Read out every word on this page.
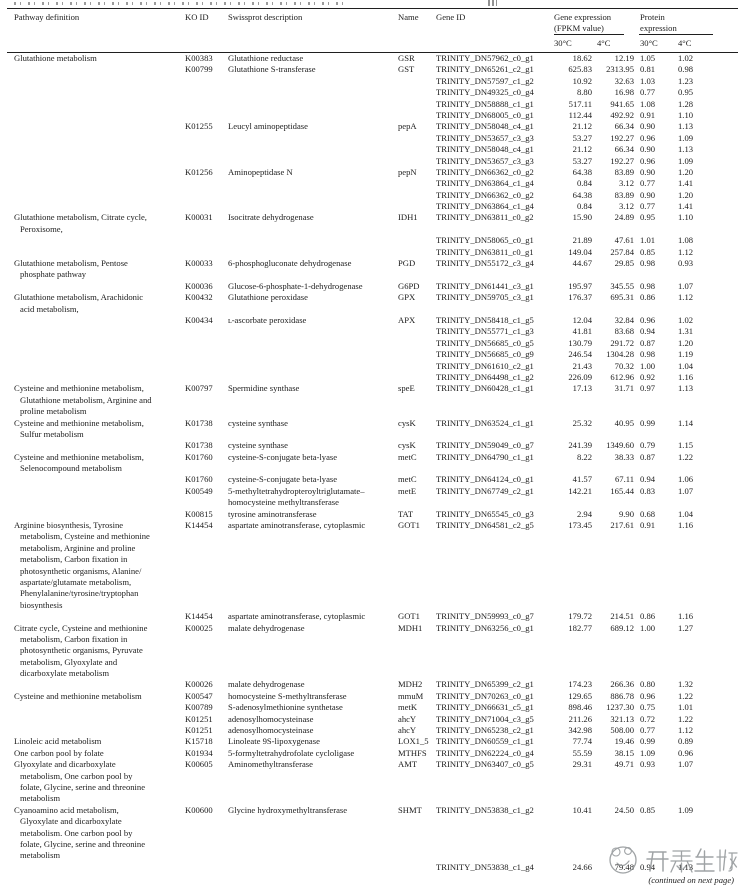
Pathway definition	KO ID	Swissprot description	Name	Gene ID	Gene expression
(FPKM value)
Protein
expression
30°C	4°C	30°C	4°C
Glutathione metabolism	K00383	Glutathione reductase	GSR	TRINITY_DN57962_c0_g1	18.62	12.19 1.05	1.02
K00799	Glutathione S-transferase	GST	TRINITY_DN65261_c2_g1	625.83	2313.95 0.81	0.98
TRINITY_DN57597_c1_g2	10.92	32.63 1.03	1.23
TRINITY_DN49325_c0_g4	8.80	16.98 0.77	0.95
TRINITY_DN58888_c1_g1	517.11	941.65 1.08	1.28
TRINITY_DN68005_c0_g1	112.44	492.92 0.91	1.10
K01255	Leucyl aminopeptidase	pepA	TRINITY_DN58048_c4_g1	21.12	66.34 0.90	1.13
TRINITY_DN53657_c3_g3	53.27	192.27 0.96	1.09
TRINITY_DN58048_c4_g1	21.12	66.34 0.90	1.13
TRINITY_DN53657_c3_g3	53.27	192.27 0.96	1.09
K01256	Aminopeptidase N	pepN	TRINITY_DN66362_c0_g2	64.38	83.89 0.90	1.20
TRINITY_DN63864_c1_g4	0.84	3.12 0.77	1.41
TRINITY_DN66362_c0_g2	64.38	83.89 0.90	1.20
TRINITY_DN63864_c1_g4	0.84	3.12 0.77	1.41
Glutathione metabolism, Citrate cycle,	K00031	Isocitrate dehydrogenase	IDH1	TRINITY_DN63811_c0_g2	15.90	24.89 0.95	1.10
Peroxisome,
TRINITY_DN58065_c0_g1	21.89	47.61 1.01	1.08
TRINITY_DN63811_c0_g1	149.04	257.84 0.85	1.12
Glutathione metabolism, Pentose	K00033	6-phosphogluconate dehydrogenase	PGD	TRINITY_DN55172_c3_g4	44.67	29.85 0.98	0.93
phosphate pathway
K00036	Glucose-6-phosphate-1-dehydrogenase	G6PD	TRINITY_DN61441_c3_g1	195.97	345.55 0.98	1.07
Glutathione metabolism, Arachidonic	K00432	Glutathione peroxidase	GPX	TRINITY_DN59705_c3_g1	176.37	695.31 0.86	1.12
acid metabolism,
K00434	ʟ-ascorbate peroxidase	APX	TRINITY_DN58418_c1_g5	12.04	32.84 0.96	1.02
TRINITY_DN55771_c1_g3	41.81	83.68 0.94	1.31
TRINITY_DN56685_c0_g5	130.79	291.72 0.87	1.20
TRINITY_DN56685_c0_g9	246.54	1304.28 0.98	1.19
TRINITY_DN61610_c2_g1	21.43	70.32 1.00	1.04
TRINITY_DN64498_c1_g2	226.09	612.96 0.92	1.16
Cysteine and methionine metabolism,	K00797	Spermidine synthase	speE	TRINITY_DN60428_c1_g1	17.13	31.71 0.97	1.13
Glutathione metabolism, Arginine and
proline metabolism
Cysteine and methionine metabolism,	K01738	cysteine synthase	cysK	TRINITY_DN63524_c1_g1	25.32	40.95 0.99	1.14
Sulfur metabolism
K01738	cysteine synthase	cysK	TRINITY_DN59049_c0_g7	241.39	1349.60 0.79	1.15
Cysteine and methionine metabolism,	K01760	cysteine-S-conjugate beta-lyase	metC	TRINITY_DN64790_c1_g1	8.22	38.33 0.87	1.22
Selenocompound metabolism
K01760	cysteine-S-conjugate beta-lyase	metC	TRINITY_DN64124_c0_g1	41.57	67.11 0.94	1.06
K00549	5-methyltetrahydropteroyltriglutamate–	metE	TRINITY_DN67749_c2_g1	142.21	165.44 0.83	1.07
homocysteine methyltransferase
K00815	tyrosine aminotransferase	TAT	TRINITY_DN65545_c0_g3	2.94	9.90 0.68	1.04
Arginine biosynthesis, Tyrosine	K14454	aspartate aminotransferase, cytoplasmic	GOT1	TRINITY_DN64581_c2_g5	173.45	217.61 0.91	1.16
metabolism, Cysteine and methionine
metabolism, Arginine and proline
metabolism, Carbon fixation in
photosynthetic organisms, Alanine/
aspartate/glutamate metabolism,
Phenylalanine/tyrosine/tryptophan
biosynthesis
K14454	aspartate aminotransferase, cytoplasmic	GOT1	TRINITY_DN59993_c0_g7	179.72	214.51 0.86	1.16
Citrate cycle, Cysteine and methionine	K00025	malate dehydrogenase	MDH1	TRINITY_DN63256_c0_g1	182.77	689.12 1.00	1.27
metabolism, Carbon fixation in
photosynthetic organisms, Pyruvate
metabolism, Glyoxylate and
dicarboxylate metabolism
K00026	malate dehydrogenase	MDH2	TRINITY_DN65399_c2_g1	174.23	266.36 0.80	1.32
Cysteine and methionine metabolism	K00547	homocysteine S-methyltransferase	mmuM	TRINITY_DN70263_c0_g1	129.65	886.78 0.96	1.22
K00789	S-adenosylmethionine synthetase	metK	TRINITY_DN66631_c5_g1	898.46	1237.30 0.75	1.01
K01251	adenosylhomocysteinase	ahcY	TRINITY_DN71004_c3_g5	211.26	321.13 0.72	1.22
K01251	adenosylhomocysteinase	ahcY	TRINITY_DN65238_c2_g1	342.98	508.00 0.77	1.12
Linoleic acid metabolism	K15718	Linoleate 9S-lipoxygenase	LOX1_5 TRINITY_DN60559_c1_g1	77.74	19.46 0.99	0.89
One carbon pool by folate	K01934	5-formyltetrahydrofolate cycloligase	MTHFS	TRINITY_DN62224_c0_g4	55.59	38.15 1.09	0.96
Glyoxylate and dicarboxylate	K00605	Aminomethyltransferase	AMT	TRINITY_DN63407_c0_g5	29.31	49.71 0.93	1.07
metabolism, One carbon pool by
folate, Glycine, serine and threonine
metabolism
Cyanoamino acid metabolism,	K00600	Glycine hydroxymethyltransferase	SHMT	TRINITY_DN53838_c1_g2	10.41	24.50 0.85	1.09
Glyoxylate and dicarboxylate
metabolism. One carbon pool by
folate, Glycine, serine and threonine
metabolism
TRINITY_DN53838_c1_g4	24.66	79.48 0.94	1.13
(continued on next page)
